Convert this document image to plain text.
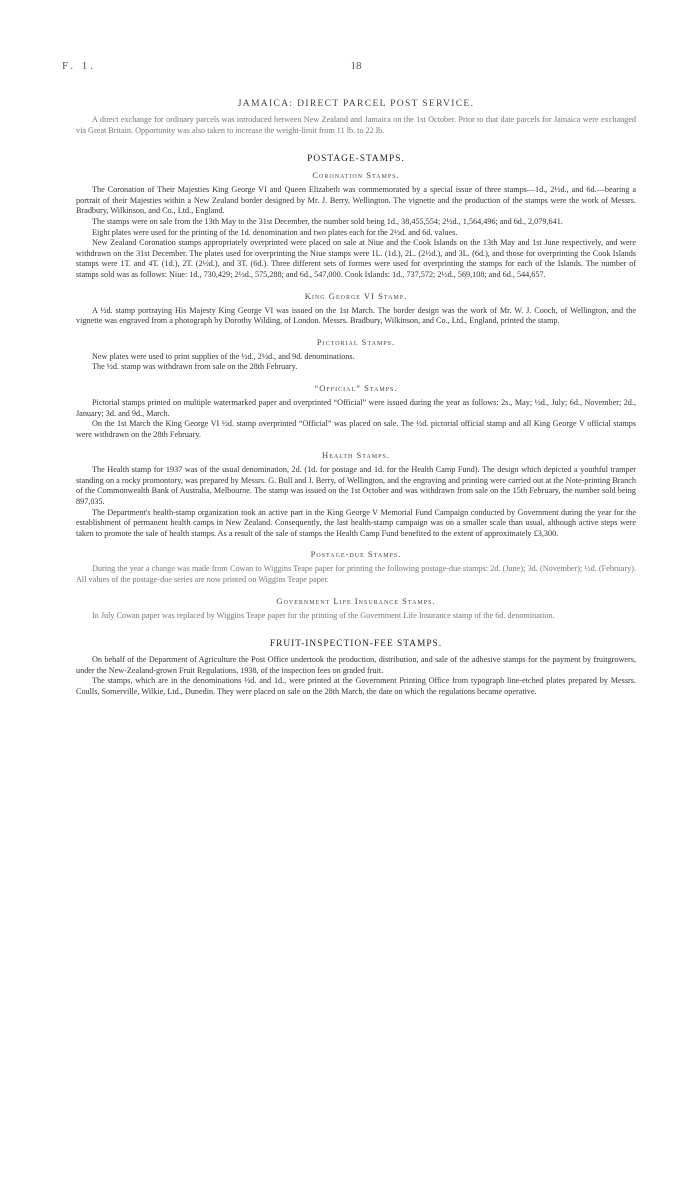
F. 1.	18
JAMAICA: DIRECT PARCEL POST SERVICE.

A direct exchange for ordinary parcels was introduced between New Zealand and Jamaica on the 1st October. Prior to that date parcels for Jamaica were exchanged via Great Britain. Opportunity was also taken to increase the weight-limit from 11 lb. to 22 lb.

POSTAGE-STAMPS.
Coronation Stamps.

The Coronation of Their Majesties King George VI and Queen Elizabeth was commemorated by a special issue of three stamps—1d., 2½d., and 6d.—bearing a portrait of their Majesties within a New Zealand border designed by Mr. J. Berry, Wellington. The vignette and the production of the stamps were the work of Messrs. Bradbury, Wilkinson, and Co., Ltd., England.

The stamps were on sale from the 13th May to the 31st December, the number sold being 1d., 38,455,554; 2½d., 1,564,496; and 6d., 2,079,641.

Eight plates were used for the printing of the 1d. denomination and two plates each for the 2½d. and 6d. values.

New Zealand Coronation stamps appropriately overprinted were placed on sale at Niue and the Cook Islands on the 13th May and 1st June respectively, and were withdrawn on the 31st December. The plates used for overprinting the Niue stamps were 1L. (1d.), 2L. (2½d.), and 3L. (6d.), and those for overprinting the Cook Islands stamps were 1T. and 4T. (1d.), 2T. (2½d.), and 3T. (6d.). Three different sets of formes were used for overprinting the stamps for each of the Islands. The number of stamps sold was as follows: Niue: 1d., 730,429; 2½d., 575,288; and 6d., 547,000. Cook Islands: 1d., 737,572; 2½d., 569,108; and 6d., 544,657.

King George VI Stamp.

A ½d. stamp portraying His Majesty King George VI was issued on the 1st March. The border design was the work of Mr. W. J. Cooch, of Wellington, and the vignette was engraved from a photograph by Dorothy Wilding, of London. Messrs. Bradbury, Wilkinson, and Co., Ltd., England, printed the stamp.

Pictorial Stamps.

New plates were used to print supplies of the ½d., 2½d., and 9d. denominations.

The ½d. stamp was withdrawn from sale on the 28th February.

“Official” Stamps.

Pictorial stamps printed on multiple watermarked paper and overprinted “Official” were issued during the year as follows: 2s., May; ½d., July; 6d., November; 2d., January; 3d. and 9d., March.

On the 1st March the King George VI ½d. stamp overprinted “Official” was placed on sale. The ½d. pictorial official stamp and all King George V official stamps were withdrawn on the 28th February.

Health Stamps.

The Health stamp for 1937 was of the usual denomination, 2d. (1d. for postage and 1d. for the Health Camp Fund). The design which depicted a youthful tramper standing on a rocky promontory, was prepared by Messrs. G. Bull and J. Berry, of Wellington, and the engraving and printing were carried out at the Note-printing Branch of the Commonwealth Bank of Australia, Melbourne. The stamp was issued on the 1st October and was withdrawn from sale on the 15th February, the number sold being 897,035.

The Department's health-stamp organization took an active part in the King George V Memorial Fund Campaign conducted by Government during the year for the establishment of permanent health camps in New Zealand. Consequently, the last health-stamp campaign was on a smaller scale than usual, although active steps were taken to promote the sale of health stamps. As a result of the sale of stamps the Health Camp Fund benefited to the extent of approximately £3,300.

Postage-due Stamps.

During the year a change was made from Cowan to Wiggins Teape paper for printing the following postage-due stamps: 2d. (June); 3d. (November); ½d. (February). All values of the postage-due series are now printed on Wiggins Teape paper.

Government Life Insurance Stamps.

In July Cowan paper was replaced by Wiggins Teape paper for the printing of the Government Life Insurance stamp of the 6d. denomination.

FRUIT-INSPECTION-FEE STAMPS.

On behalf of the Department of Agriculture the Post Office undertook the production, distribution, and sale of the adhesive stamps for the payment by fruitgrowers, under the New-Zealand-grown Fruit Regulations, 1938, of the inspection fees on graded fruit.

The stamps, which are in the denominations ½d. and 1d., were printed at the Government Printing Office from typograph line-etched plates prepared by Messrs. Coulls, Somerville, Wilkie, Ltd., Dunedin. They were placed on sale on the 28th March, the date on which the regulations became operative.
